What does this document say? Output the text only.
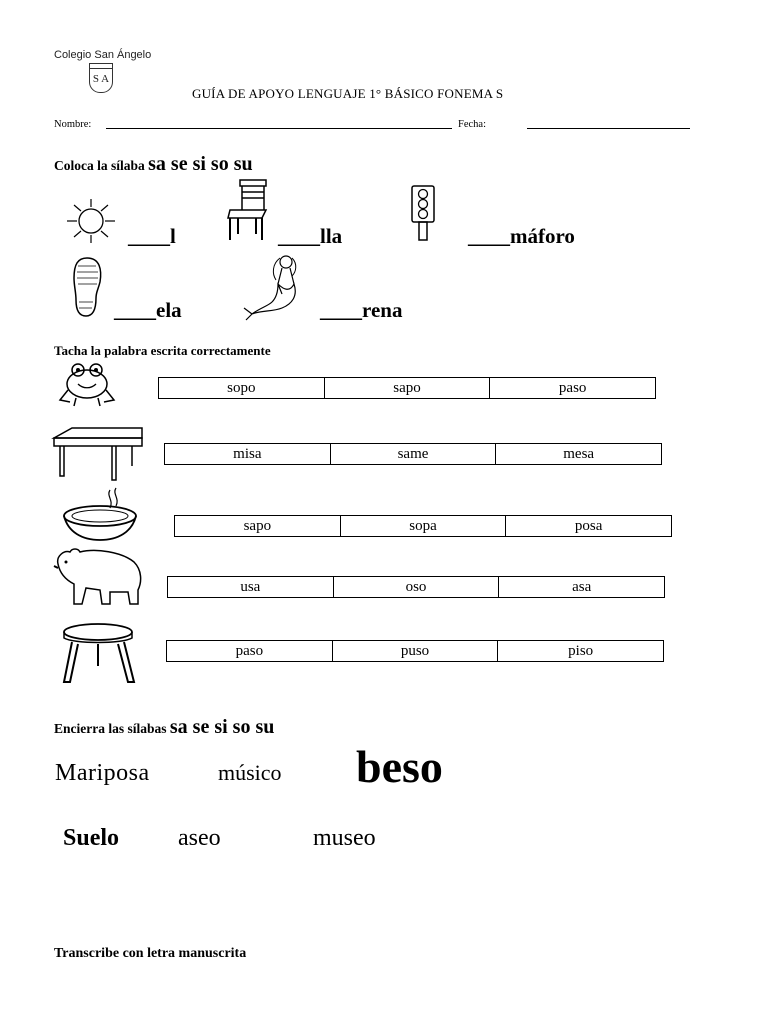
Colegio San Ángelo
S A
GUÍA DE APOYO LENGUAJE 1° BÁSICO FONEMA S
Nombre:	Fecha:
Coloca la sílaba sa se si so su
____l	____lla	____máforo
____ela	____rena
Tacha la palabra escrita correctamente
sopo	sapo	paso
misa	same	mesa
sapo	sopa	posa
usa	oso	asa
paso	puso	piso
Encierra las sílabas sa se si so su
Mariposa	músico beso
Suelo aseo	museo
Transcribe con letra manuscrita
